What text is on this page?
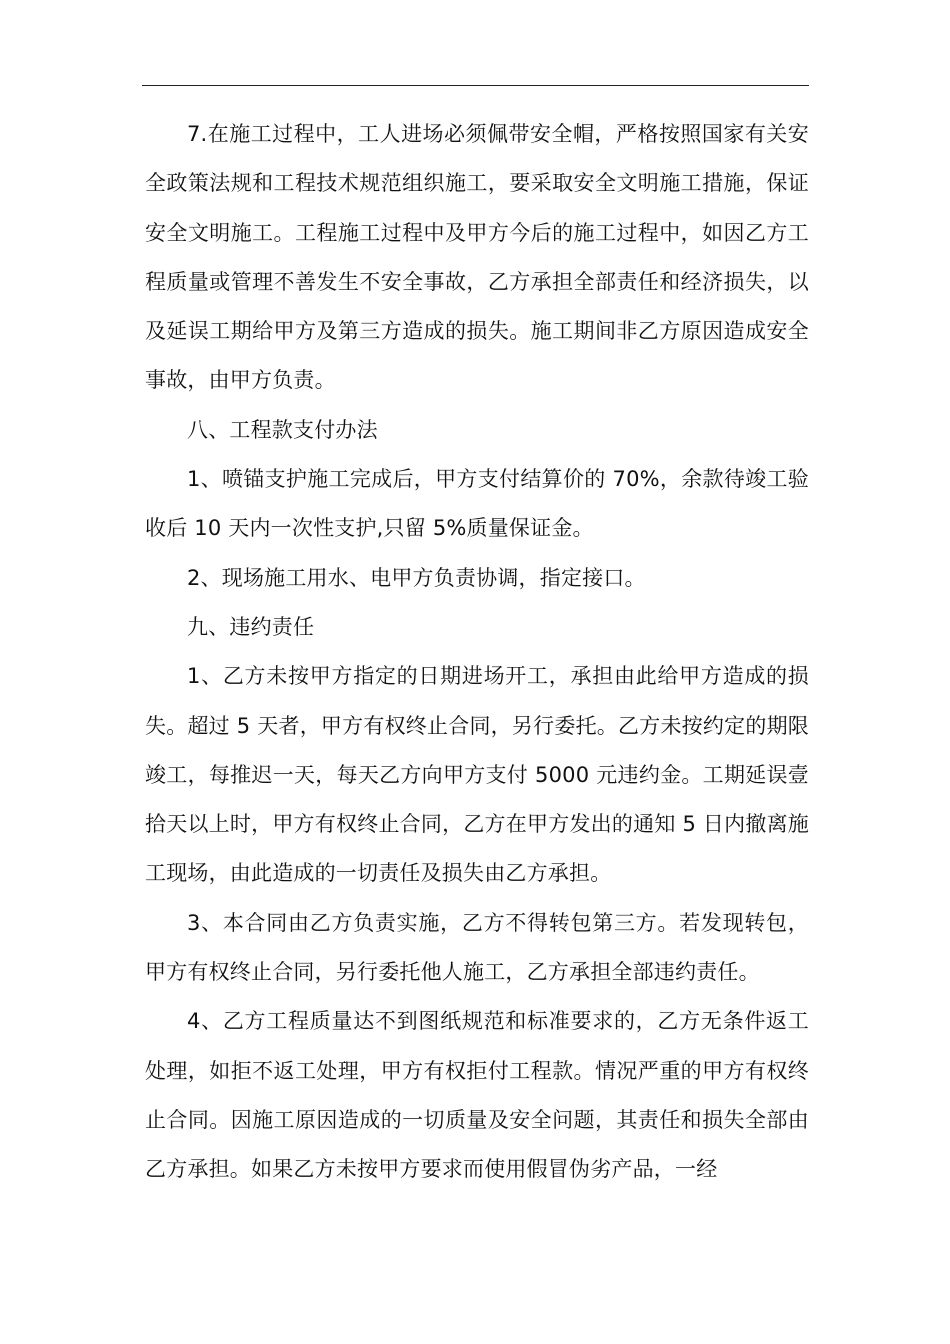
7.在施工过程中，工人进场必须佩带安全帽，严格按照国家有关安全政策法规和工程技术规范组织施工，要采取安全文明施工措施，保证安全文明施工。工程施工过程中及甲方今后的施工过程中，如因乙方工程质量或管理不善发生不安全事故，乙方承担全部责任和经济损失，以及延误工期给甲方及第三方造成的损失。施工期间非乙方原因造成安全事故，由甲方负责。

八、工程款支付办法

1、喷锚支护施工完成后，甲方支付结算价的 70%，余款待竣工验收后 10 天内一次性支护,只留 5%质量保证金。

2、现场施工用水、电甲方负责协调，指定接口。

九、违约责任

1、乙方未按甲方指定的日期进场开工，承担由此给甲方造成的损失。超过 5 天者，甲方有权终止合同，另行委托。乙方未按约定的期限竣工，每推迟一天，每天乙方向甲方支付 5000 元违约金。工期延误壹拾天以上时，甲方有权终止合同，乙方在甲方发出的通知 5 日内撤离施工现场，由此造成的一切责任及损失由乙方承担。

3、本合同由乙方负责实施，乙方不得转包第三方。若发现转包，甲方有权终止合同，另行委托他人施工，乙方承担全部违约责任。

4、乙方工程质量达不到图纸规范和标准要求的，乙方无条件返工处理，如拒不返工处理，甲方有权拒付工程款。情况严重的甲方有权终止合同。因施工原因造成的一切质量及安全问题，其责任和损失全部由乙方承担。如果乙方未按甲方要求而使用假冒伪劣产品，一经
